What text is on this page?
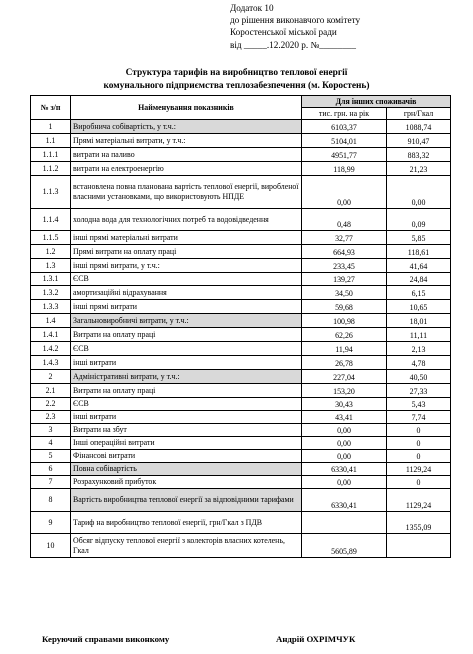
Додаток 10
до рішення виконавчого комітету
Коростенської міської ради
від _____.12.2020 р. №________
Структура тарифів на виробництво теплової енергії
комунального підприємства теплозабезпечення (м. Коростень)
№ з/п	Найменування показників	Для інших споживачів	
		тис. грн. на рік	грн/Гкал
1	Виробнича собівартість, у т.ч.:	6103,37	1088,74
1.1	Прямі матеріальні витрати, у т.ч.:	5104,01	910,47
1.1.1	витрати на паливо	4951,77	883,32
1.1.2	витрати на електроенергію	118,99	21,23
1.1.3	встановлена повна планована вартість теплової енергії, виробленої власними установками, що використовують НПДЕ	0,00	0,00
1.1.4	холодна вода для технологічних потреб та водовідведення	0,48	0,09
1.1.5	інші прямі матеріальні витрати	32,77	5,85
1.2	Прямі витрати на оплату праці	664,93	118,61
1.3	інші прямі витрати, у т.ч.:	233,45	41,64
1.3.1	ЄСВ	139,27	24,84
1.3.2	амортизаційні відрахування	34,50	6,15
1.3.3	інші прямі витрати	59,68	10,65
1.4	Загальновиробничі витрати, у т.ч.:	100,98	18,01
1.4.1	Витрати на оплату праці	62,26	11,11
1.4.2	ЄСВ	11,94	2,13
1.4.3	інші витрати	26,78	4,78
2	Адміністративні витрати, у т.ч.:	227,04	40,50
2.1	Витрати на оплату праці	153,20	27,33
2.2	ЄСВ	30,43	5,43
2.3	інші витрати	43,41	7,74
3	Витрати на збут	0,00	0
4	Інші операційні витрати	0,00	0
5	Фінансові витрати	0,00	0
6	Повна собівартість	6330,41	1129,24
7	Розрахунковий прибуток	0,00	0
8	Вартість виробництва теплової енергії за відповідними тарифами	6330,41	1129,24
9	Тариф на виробництво теплової енергії, грн/Гкал з ПДВ		1355,09
10	Обсяг відпуску теплової енергії з колекторів власних котелень, Гкал	5605,89	
Керуючий справами виконкому	Андрій ОХРІМЧУК
